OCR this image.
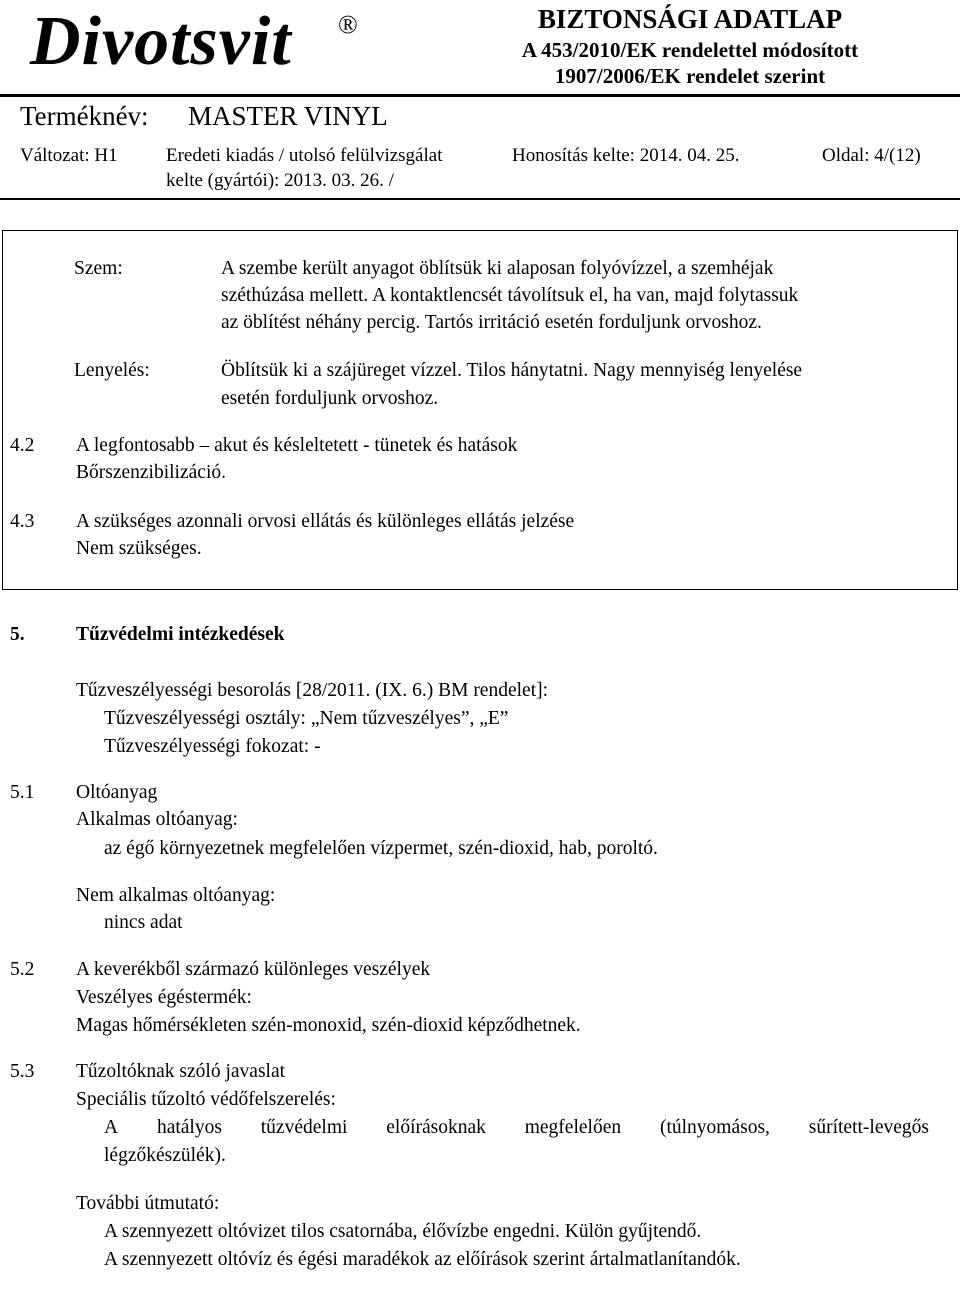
Divotsvit ®	BIZTONSÁGI ADATLAP
A 453/2010/EK rendelettel módosított
1907/2006/EK rendelet szerint
Terméknév: MASTER VINYL
Változat: H1	Eredeti kiadás / utolsó felülvizsgálat
kelte (gyártói): 2013. 03. 26. /
Honosítás kelte: 2014. 04. 25.	Oldal: 4/(12)
Szem:	A szembe került anyagot öblítsük ki alaposan folyóvízzel, a szemhéjak
széthúzása mellett. A kontaktlencsét távolítsuk el, ha van, majd folytassuk
az öblítést néhány percig. Tartós irritáció esetén forduljunk orvoshoz.
Lenyelés:	Öblítsük ki a szájüreget vízzel. Tilos hánytatni. Nagy mennyiség lenyelése
esetén forduljunk orvoshoz.
4.2 A legfontosabb – akut és késleltetett - tünetek és hatások
Bőrszenzibilizáció.
4.3 A szükséges azonnali orvosi ellátás és különleges ellátás jelzése
Nem szükséges.
5.	Tűzvédelmi intézkedések
Tűzveszélyességi besorolás [28/2011. (IX. 6.) BM rendelet]:
Tűzveszélyességi osztály: „Nem tűzveszélyes”, „E”
Tűzveszélyességi fokozat: -
5.1 Oltóanyag
Alkalmas oltóanyag:
az égő környezetnek megfelelően vízpermet, szén-dioxid, hab, poroltó.
Nem alkalmas oltóanyag:
nincs adat
5.2 A keverékből származó különleges veszélyek
Veszélyes égéstermék:
Magas hőmérsékleten szén-monoxid, szén-dioxid képződhetnek.
5.3 Tűzoltóknak szóló javaslat
Speciális tűzoltó védőfelszerelés:
A hatályos tűzvédelmi előírásoknak megfelelően (túlnyomásos, sűrített-levegős
légzőkészülék).
További útmutató:
A szennyezett oltóvizet tilos csatornába, élővízbe engedni. Külön gyűjtendő.
A szennyezett oltóvíz és égési maradékok az előírások szerint ártalmatlanítandók.
